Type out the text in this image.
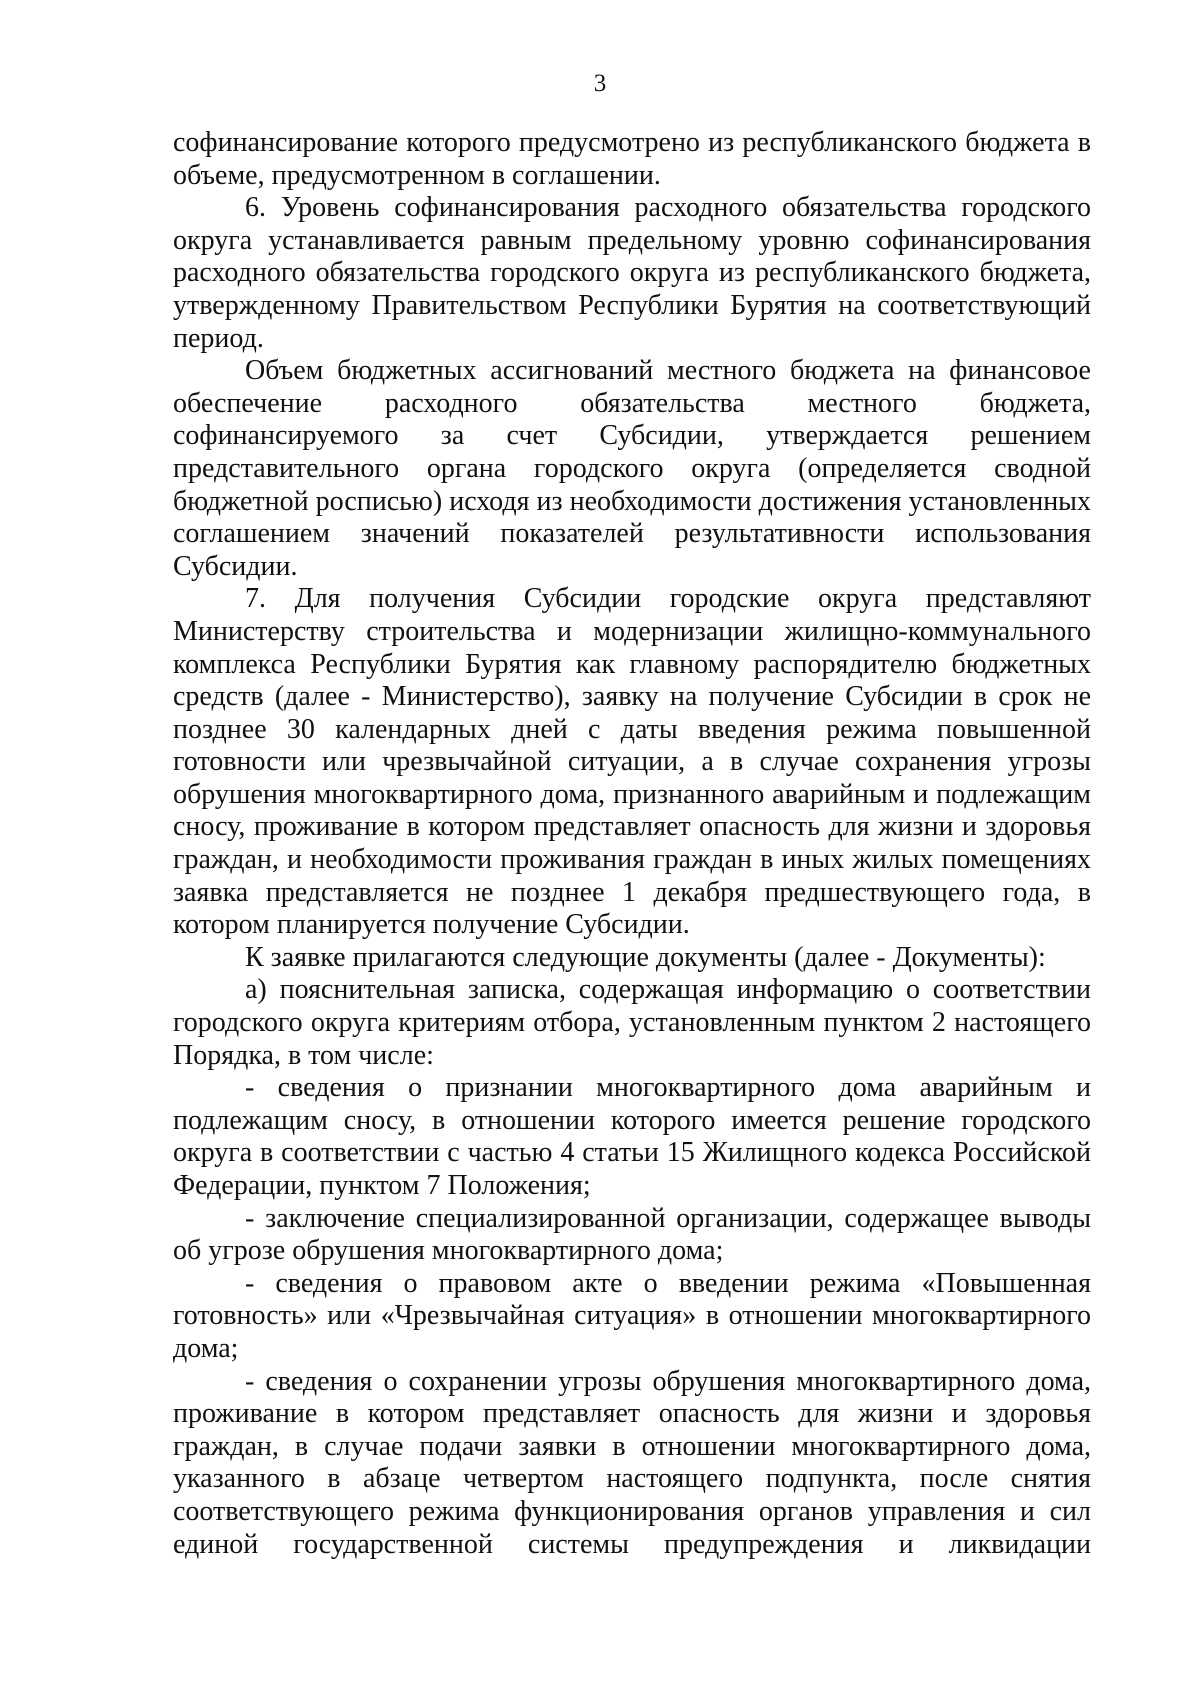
3

софинансирование которого предусмотрено из республиканского бюджета в объеме, предусмотренном в соглашении.

6. Уровень софинансирования расходного обязательства городского округа устанавливается равным предельному уровню софинансирования расходного обязательства городского округа из республиканского бюджета, утвержденному Правительством Республики Бурятия на соответствующий период.

Объем бюджетных ассигнований местного бюджета на финансовое обеспечение расходного обязательства местного бюджета, софинансируемого за счет Субсидии, утверждается решением представительного органа городского округа (определяется сводной бюджетной росписью) исходя из необходимости достижения установленных соглашением значений показателей результативности использования Субсидии.

7. Для получения Субсидии городские округа представляют Министерству строительства и модернизации жилищно-коммунального комплекса Республики Бурятия как главному распорядителю бюджетных средств (далее - Министерство), заявку на получение Субсидии в срок не позднее 30 календарных дней с даты введения режима повышенной готовности или чрезвычайной ситуации, а в случае сохранения угрозы обрушения многоквартирного дома, признанного аварийным и подлежащим сносу, проживание в котором представляет опасность для жизни и здоровья граждан, и необходимости проживания граждан в иных жилых помещениях заявка представляется не позднее 1 декабря предшествующего года, в котором планируется получение Субсидии.

К заявке прилагаются следующие документы (далее - Документы):

а) пояснительная записка, содержащая информацию о соответствии городского округа критериям отбора, установленным пунктом 2 настоящего Порядка, в том числе:

- сведения о признании многоквартирного дома аварийным и подлежащим сносу, в отношении которого имеется решение городского округа в соответствии с частью 4 статьи 15 Жилищного кодекса Российской Федерации, пунктом 7 Положения;

- заключение специализированной организации, содержащее выводы об угрозе обрушения многоквартирного дома;

- сведения о правовом акте о введении режима «Повышенная готовность» или «Чрезвычайная ситуация» в отношении многоквартирного дома;

- сведения о сохранении угрозы обрушения многоквартирного дома, проживание в котором представляет опасность для жизни и здоровья граждан, в случае подачи заявки в отношении многоквартирного дома, указанного в абзаце четвертом настоящего подпункта, после снятия соответствующего режима функционирования органов управления и сил единой государственной системы предупреждения и ликвидации
